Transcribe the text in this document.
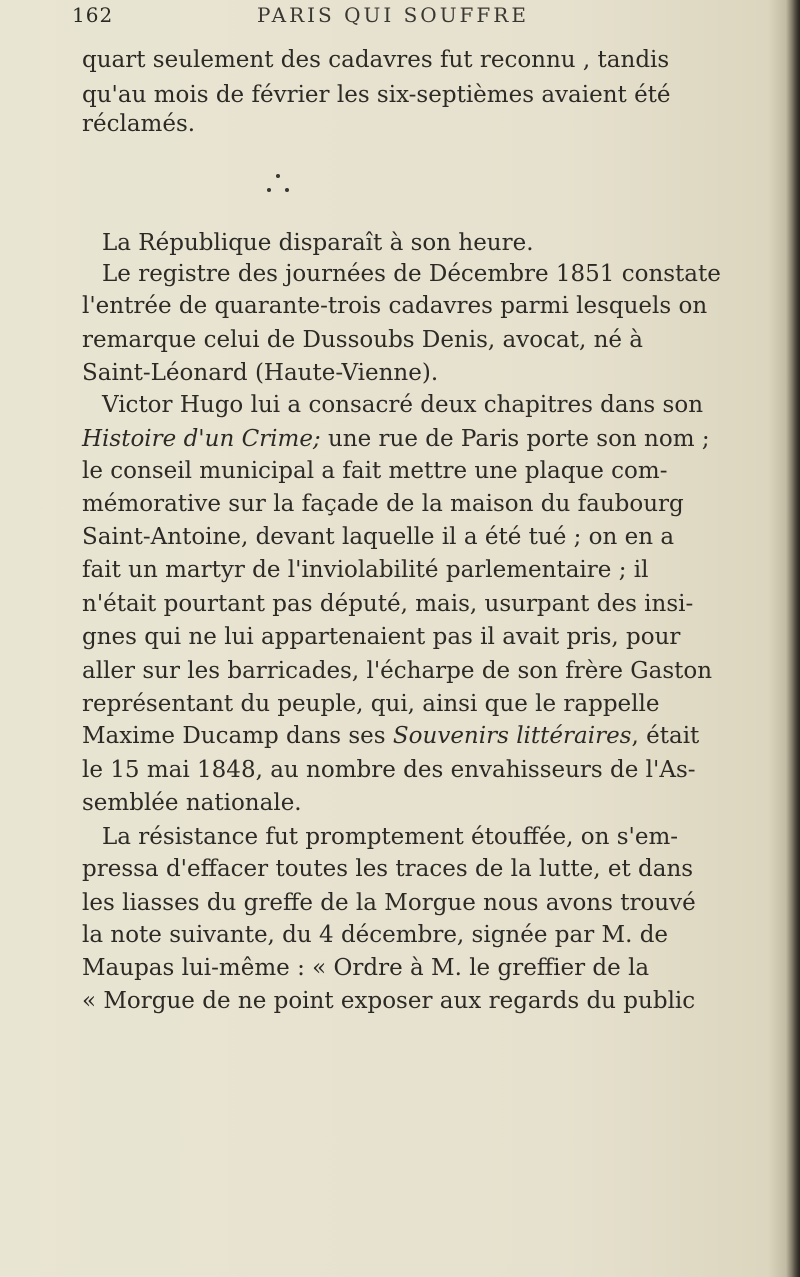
162	PARIS QUI SOUFFRE
quart seulement des cadavres fut reconnu , tandis
qu'au mois de février les six-septièmes avaient été
réclamés.
La République disparaît à son heure.
Le registre des journées de Décembre 1851 constate
l'entrée de quarante-trois cadavres parmi lesquels on
remarque celui de Dussoubs Denis, avocat, né à
Saint-Léonard (Haute-Vienne).
Victor Hugo lui a consacré deux chapitres dans son
Histoire d'un Crime; une rue de Paris porte son nom ;
le conseil municipal a fait mettre une plaque com-
mémorative sur la façade de la maison du faubourg
Saint-Antoine, devant laquelle il a été tué ; on en a
fait un martyr de l'inviolabilité parlementaire ; il
n'était pourtant pas député, mais, usurpant des insi-
gnes qui ne lui appartenaient pas il avait pris, pour
aller sur les barricades, l'écharpe de son frère Gaston
représentant du peuple, qui, ainsi que le rappelle
Maxime Ducamp dans ses Souvenirs littéraires, était
le 15 mai 1848, au nombre des envahisseurs de l'As-
semblée nationale.
La résistance fut promptement étouffée, on s'em-
pressa d'effacer toutes les traces de la lutte, et dans
les liasses du greffe de la Morgue nous avons trouvé
la note suivante, du 4 décembre, signée par M. de
Maupas lui-même : « Ordre à M. le greffier de la
« Morgue de ne point exposer aux regards du public
